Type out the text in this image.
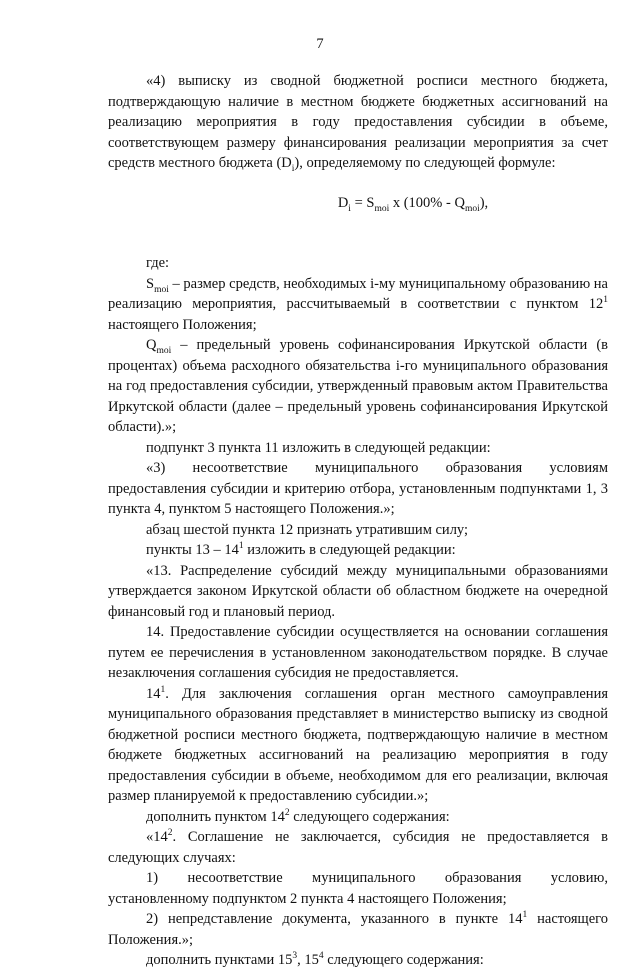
7

«4) выписку из сводной бюджетной росписи местного бюджета, подтверждающую наличие в местном бюджете бюджетных ассигнований на реализацию мероприятия в году предоставления субсидии в объеме, соответствующем размеру финансирования реализации мероприятия за счет средств местного бюджета $(D_i)$, определяемому по следующей формуле:

$D_i = S_{moi}$ x $(100\% - Q_{moi})$,

где:

$S_{moi}$ – размер средств, необходимых i-му муниципальному образованию на реализацию мероприятия, рассчитываемый в соответствии с пунктом $12^1$ настоящего Положения;

$Q_{moi}$ – предельный уровень софинансирования Иркутской области (в процентах) объема расходного обязательства i-го муниципального образования на год предоставления субсидии, утвержденный правовым актом Правительства Иркутской области (далее – предельный уровень софинансирования Иркутской области).»;

подпункт 3 пункта 11 изложить в следующей редакции:

«3) несоответствие муниципального образования условиям предоставления субсидии и критерию отбора, установленным подпунктами 1, 3 пункта 4, пунктом 5 настоящего Положения.»;

абзац шестой пункта 12 признать утратившим силу;

пункты $13 - 14^1$ изложить в следующей редакции:

«13. Распределение субсидий между муниципальными образованиями утверждается законом Иркутской области об областном бюджете на очередной финансовый год и плановый период.

14. Предоставление субсидии осуществляется на основании соглашения путем ее перечисления в установленном законодательством порядке. В случае незаключения соглашения субсидия не предоставляется.

$14^1$. Для заключения соглашения орган местного самоуправления муниципального образования представляет в министерство выписку из сводной бюджетной росписи местного бюджета, подтверждающую наличие в местном бюджете бюджетных ассигнований на реализацию мероприятия в году предоставления субсидии в объеме, необходимом для его реализации, включая размер планируемой к предоставлению субсидии.»;

дополнить пунктом $14^2$ следующего содержания:

«$14^2$. Соглашение не заключается, субсидия не предоставляется в следующих случаях:

1) несоответствие муниципального образования условию, установленному подпунктом 2 пункта 4 настоящего Положения;

2) непредставление документа, указанного в пункте $14^1$ настоящего Положения.»;

дополнить пунктами $15^3$, $15^4$ следующего содержания:
